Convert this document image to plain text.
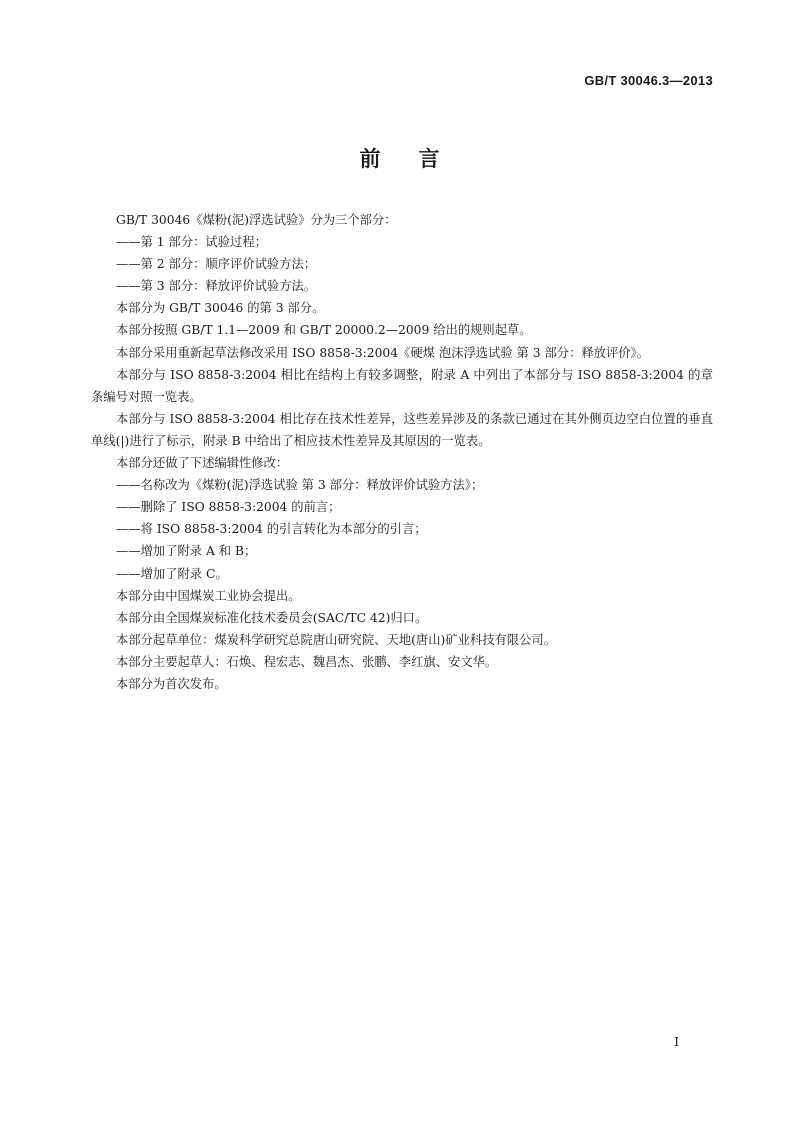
GB/T 30046.3—2013
前言

GB/T 30046《煤粉(泥)浮选试验》分为三个部分：

——第 1 部分：试验过程；

——第 2 部分：顺序评价试验方法；

——第 3 部分：释放评价试验方法。

本部分为 GB/T 30046 的第 3 部分。

本部分按照 GB/T 1.1—2009 和 GB/T 20000.2—2009 给出的规则起草。

本部分采用重新起草法修改采用 ISO 8858-3:2004《硬煤 泡沫浮选试验 第 3 部分：释放评价》。

本部分与 ISO 8858-3:2004 相比在结构上有较多调整，附录 A 中列出了本部分与 ISO 8858-3:2004 的章条编号对照一览表。

本部分与 ISO 8858-3:2004 相比存在技术性差异，这些差异涉及的条款已通过在其外侧页边空白位置的垂直单线(|)进行了标示，附录 B 中给出了相应技术性差异及其原因的一览表。

本部分还做了下述编辑性修改：

——名称改为《煤粉(泥)浮选试验 第 3 部分：释放评价试验方法》；

——删除了 ISO 8858-3:2004 的前言；

——将 ISO 8858-3:2004 的引言转化为本部分的引言；

——增加了附录 A 和 B；

——增加了附录 C。

本部分由中国煤炭工业协会提出。

本部分由全国煤炭标准化技术委员会(SAC/TC 42)归口。

本部分起草单位：煤炭科学研究总院唐山研究院、天地(唐山)矿业科技有限公司。

本部分主要起草人：石焕、程宏志、魏昌杰、张鹏、李红旗、安文华。

本部分为首次发布。

I
